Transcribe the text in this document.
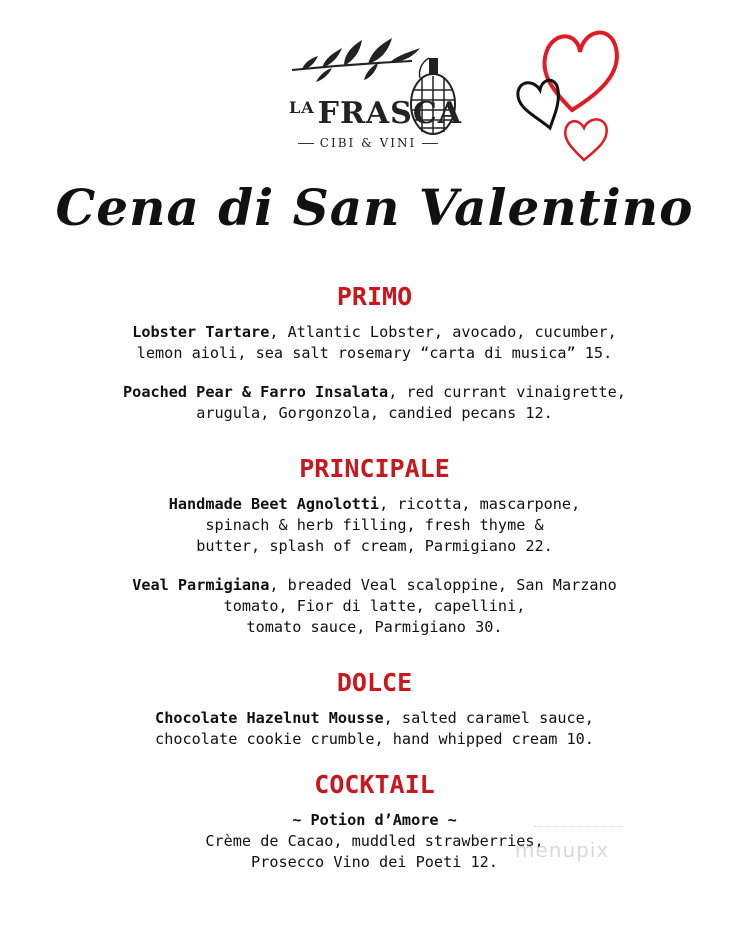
LA FRASCA
CIBI & VINI
Cena di San Valentino
PRIMO
Lobster Tartare, Atlantic Lobster, avocado, cucumber,
lemon aioli, sea salt rosemary “carta di musica” 15.
Poached Pear & Farro Insalata, red currant vinaigrette,
arugula, Gorgonzola, candied pecans 12.
PRINCIPALE
Handmade Beet Agnolotti, ricotta, mascarpone,
spinach & herb filling, fresh thyme &
butter, splash of cream, Parmigiano 22.
Veal Parmigiana, breaded Veal scaloppine, San Marzano
tomato, Fior di latte, capellini,
tomato sauce, Parmigiano 30.
DOLCE
Chocolate Hazelnut Mousse, salted caramel sauce,
chocolate cookie crumble, hand whipped cream 10.
COCKTAIL
~ Potion d’Amore ~
Crème de Cacao, muddled strawberries,
Prosecco Vino dei Poeti 12. menupix
